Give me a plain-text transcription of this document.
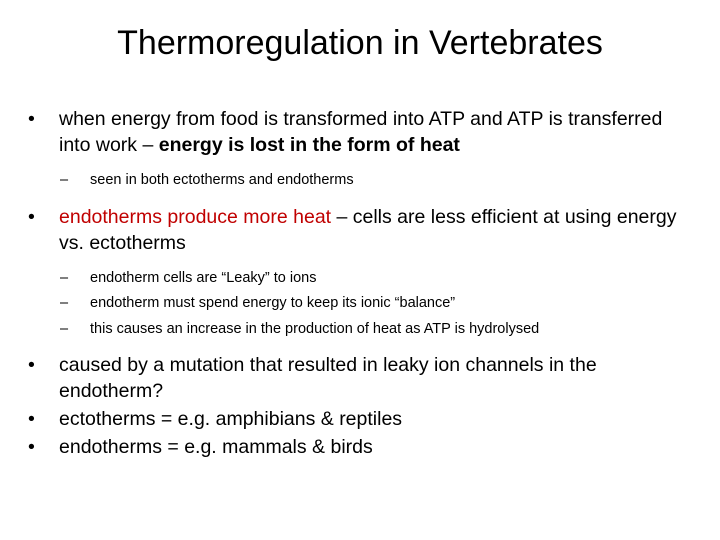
Thermoregulation in Vertebrates
• when energy from food is transformed into ATP and ATP is transferred into work – energy is lost in the form of heat
– seen in both ectotherms and endotherms
• endotherms produce more heat – cells are less efficient at using energy vs. ectotherms
– endotherm cells are “Leaky” to ions
– endotherm must spend energy to keep its ionic “balance”
– this causes an increase in the production of heat as ATP is hydrolysed
• caused by a mutation that resulted in leaky ion channels in the endotherm?
• ectotherms = e.g. amphibians & reptiles
• endotherms = e.g. mammals & birds
